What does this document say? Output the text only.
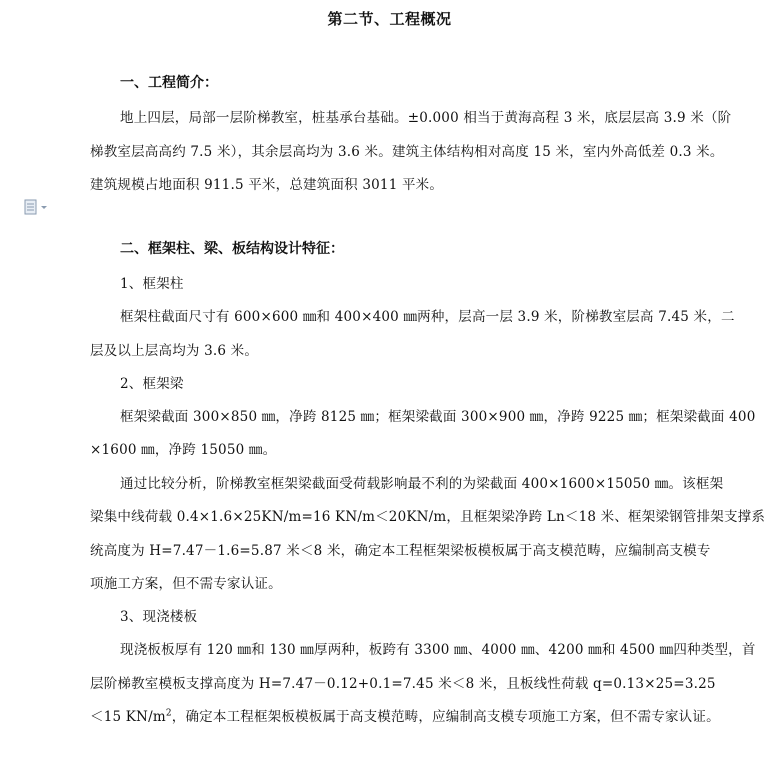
第二节、工程概况
一、工程简介：
地上四层，局部一层阶梯教室，桩基承台基础。±0.000 相当于黄海高程 3 米，底层层高 3.9 米（阶
梯教室层高高约 7.5 米），其余层高均为 3.6 米。建筑主体结构相对高度 15 米，室内外高低差 0.3 米。
建筑规模占地面积 911.5 平米，总建筑面积 3011 平米。
二、框架柱、梁、板结构设计特征：
1、框架柱
框架柱截面尺寸有 600×600 ㎜和 400×400 ㎜两种，层高一层 3.9 米，阶梯教室层高 7.45 米，二
层及以上层高均为 3.6 米。
2、框架梁
框架梁截面 300×850 ㎜，净跨 8125 ㎜；框架梁截面 300×900 ㎜，净跨 9225 ㎜；框架梁截面 400
×1600 ㎜，净跨 15050 ㎜。
通过比较分析，阶梯教室框架梁截面受荷载影响最不利的为梁截面 400×1600×15050 ㎜。该框架
梁集中线荷载 0.4×1.6×25KN/m=16 KN/m＜20KN/m，且框架梁净跨 Ln＜18 米、框架梁钢管排架支撑系
统高度为 H=7.47－1.6=5.87 米＜8 米，确定本工程框架梁板模板属于高支模范畴，应编制高支模专
项施工方案，但不需专家认证。
3、现浇楼板
现浇板板厚有 120 ㎜和 130 ㎜厚两种，板跨有 3300 ㎜、4000 ㎜、4200 ㎜和 4500 ㎜四种类型，首
层阶梯教室模板支撑高度为 H=7.47－0.12+0.1=7.45 米＜8 米，且板线性荷载 q=0.13×25=3.25
＜15 $KN/m^2$，确定本工程框架板模板属于高支模范畴，应编制高支模专项施工方案，但不需专家认证。
